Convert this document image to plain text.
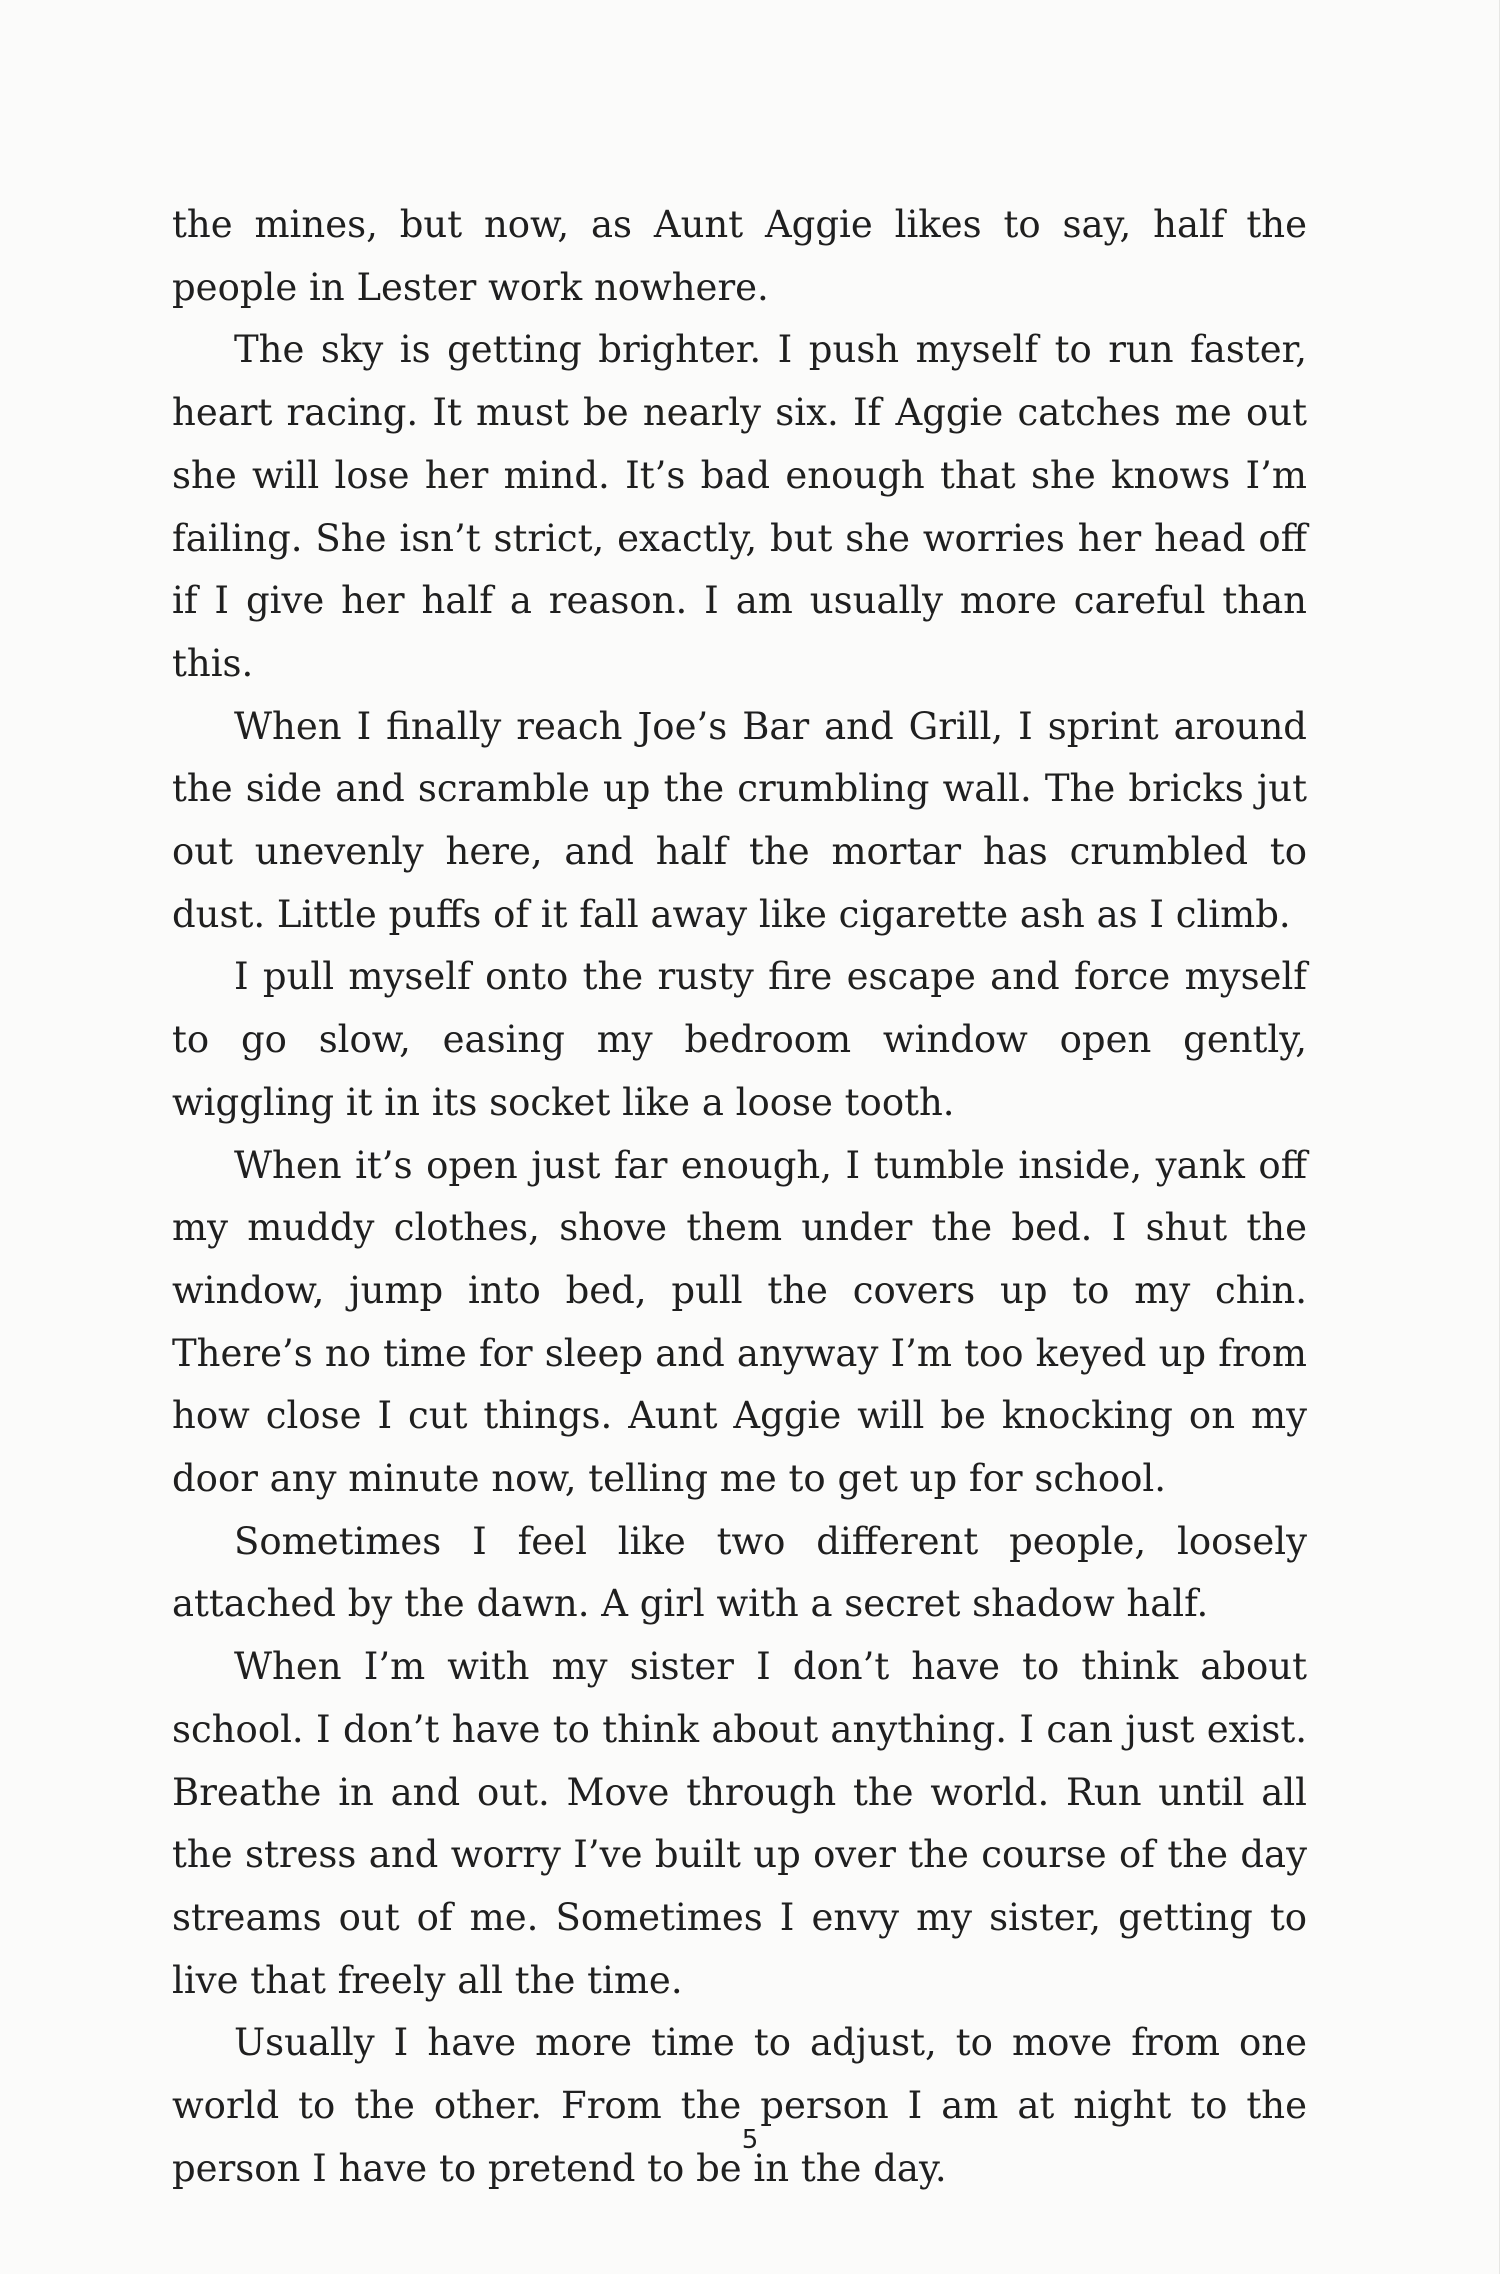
the mines, but now, as Aunt Aggie likes to say, half the people in Lester work nowhere.

The sky is getting brighter. I push myself to run faster, heart racing. It must be nearly six. If Aggie catches me out she will lose her mind. It’s bad enough that she knows I’m failing. She isn’t strict, exactly, but she worries her head off if I give her half a reason. I am usually more careful than this.

When I finally reach Joe’s Bar and Grill, I sprint around the side and scramble up the crumbling wall. The bricks jut out unevenly here, and half the mortar has crumbled to dust. Little puffs of it fall away like cigarette ash as I climb.

I pull myself onto the rusty fire escape and force myself to go slow, easing my bedroom window open gently, wiggling it in its socket like a loose tooth.

When it’s open just far enough, I tumble inside, yank off my muddy clothes, shove them under the bed. I shut the window, jump into bed, pull the covers up to my chin. There’s no time for sleep and anyway I’m too keyed up from how close I cut things. Aunt Aggie will be knocking on my door any minute now, telling me to get up for school.

Sometimes I feel like two different people, loosely attached by the dawn. A girl with a secret shadow half.

When I’m with my sister I don’t have to think about school. I don’t have to think about anything. I can just exist. Breathe in and out. Move through the world. Run until all the stress and worry I’ve built up over the course of the day streams out of me. Sometimes I envy my sister, getting to live that freely all the time.

Usually I have more time to adjust, to move from one world to the other. From the person I am at night to the person I have to pretend to be in the day.

5
